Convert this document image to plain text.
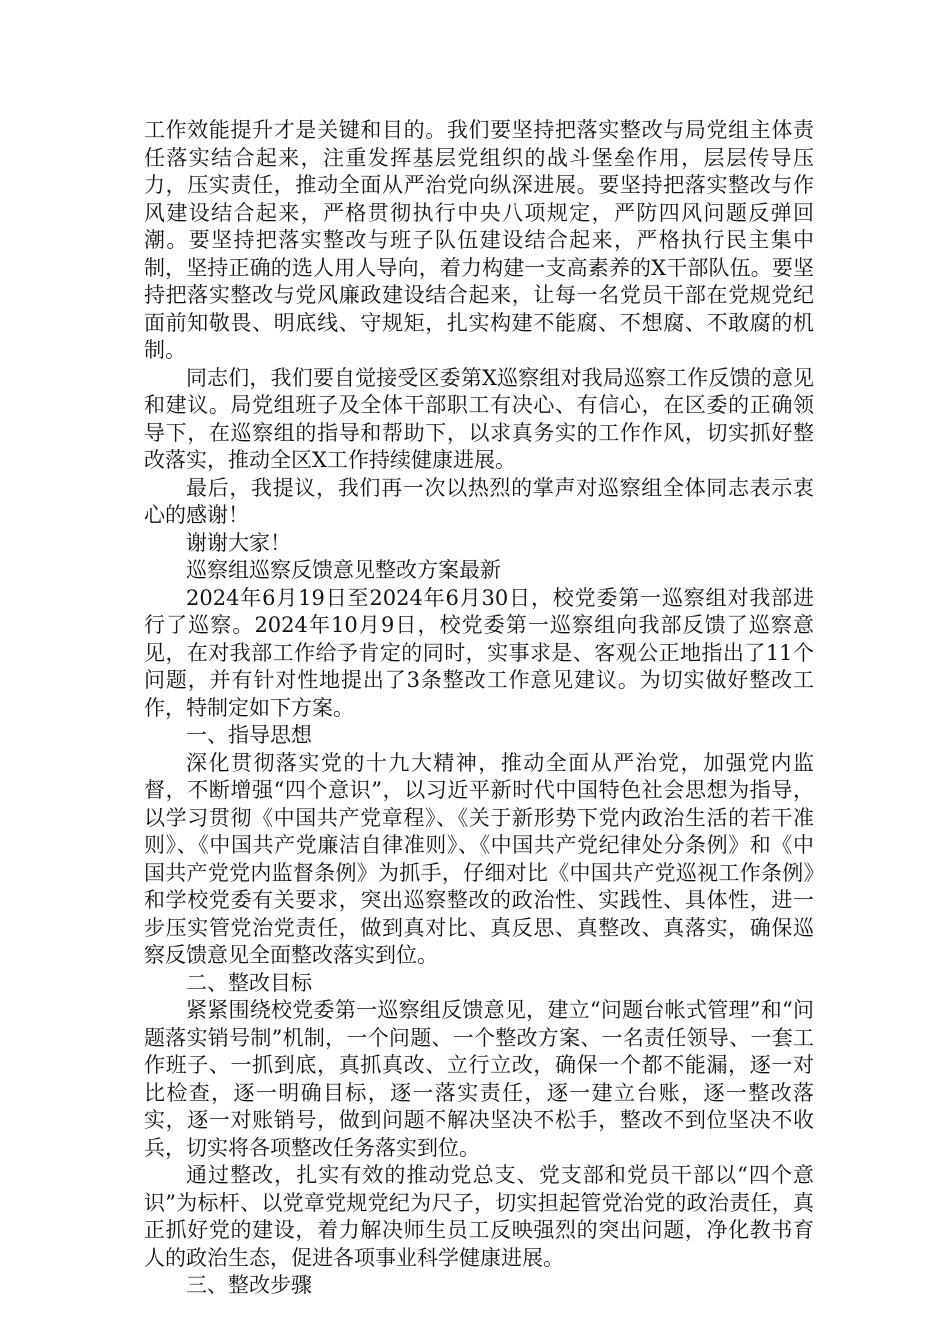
工作效能提升才是关键和目的。我们要坚持把落实整改与局党组主体责任落实结合起来，注重发挥基层党组织的战斗堡垒作用，层层传导压力，压实责任，推动全面从严治党向纵深进展。要坚持把落实整改与作风建设结合起来，严格贯彻执行中央八项规定，严防四风问题反弹回潮。要坚持把落实整改与班子队伍建设结合起来，严格执行民主集中制，坚持正确的选人用人导向，着力构建一支高素养的X干部队伍。要坚持把落实整改与党风廉政建设结合起来，让每一名党员干部在党规党纪面前知敬畏、明底线、守规矩，扎实构建不能腐、不想腐、不敢腐的机制。

同志们，我们要自觉接受区委第X巡察组对我局巡察工作反馈的意见和建议。局党组班子及全体干部职工有决心、有信心，在区委的正确领导下，在巡察组的指导和帮助下，以求真务实的工作作风，切实抓好整改落实，推动全区X工作持续健康进展。

最后，我提议，我们再一次以热烈的掌声对巡察组全体同志表示衷心的感谢！

谢谢大家！

巡察组巡察反馈意见整改方案最新

2024年6月19日至2024年6月30日，校党委第一巡察组对我部进行了巡察。2024年10月9日，校党委第一巡察组向我部反馈了巡察意见，在对我部工作给予肯定的同时，实事求是、客观公正地指出了11个问题，并有针对性地提出了3条整改工作意见建议。为切实做好整改工作，特制定如下方案。

一、指导思想

深化贯彻落实党的十九大精神，推动全面从严治党，加强党内监督，不断增强“四个意识”，以习近平新时代中国特色社会思想为指导，以学习贯彻《中国共产党章程》、《关于新形势下党内政治生活的若干准则》、《中国共产党廉洁自律准则》、《中国共产党纪律处分条例》和《中国共产党党内监督条例》为抓手，仔细对比《中国共产党巡视工作条例》和学校党委有关要求，突出巡察整改的政治性、实践性、具体性，进一步压实管党治党责任，做到真对比、真反思、真整改、真落实，确保巡察反馈意见全面整改落实到位。

二、整改目标

紧紧围绕校党委第一巡察组反馈意见，建立“问题台帐式管理”和“问题落实销号制”机制，一个问题、一个整改方案、一名责任领导、一套工作班子、一抓到底，真抓真改、立行立改，确保一个都不能漏，逐一对比检查，逐一明确目标，逐一落实责任，逐一建立台账，逐一整改落实，逐一对账销号，做到问题不解决坚决不松手，整改不到位坚决不收兵，切实将各项整改任务落实到位。

通过整改，扎实有效的推动党总支、党支部和党员干部以“四个意识”为标杆、以党章党规党纪为尺子，切实担起管党治党的政治责任，真正抓好党的建设，着力解决师生员工反映强烈的突出问题，净化教书育人的政治生态，促进各项事业科学健康进展。

三、整改步骤
